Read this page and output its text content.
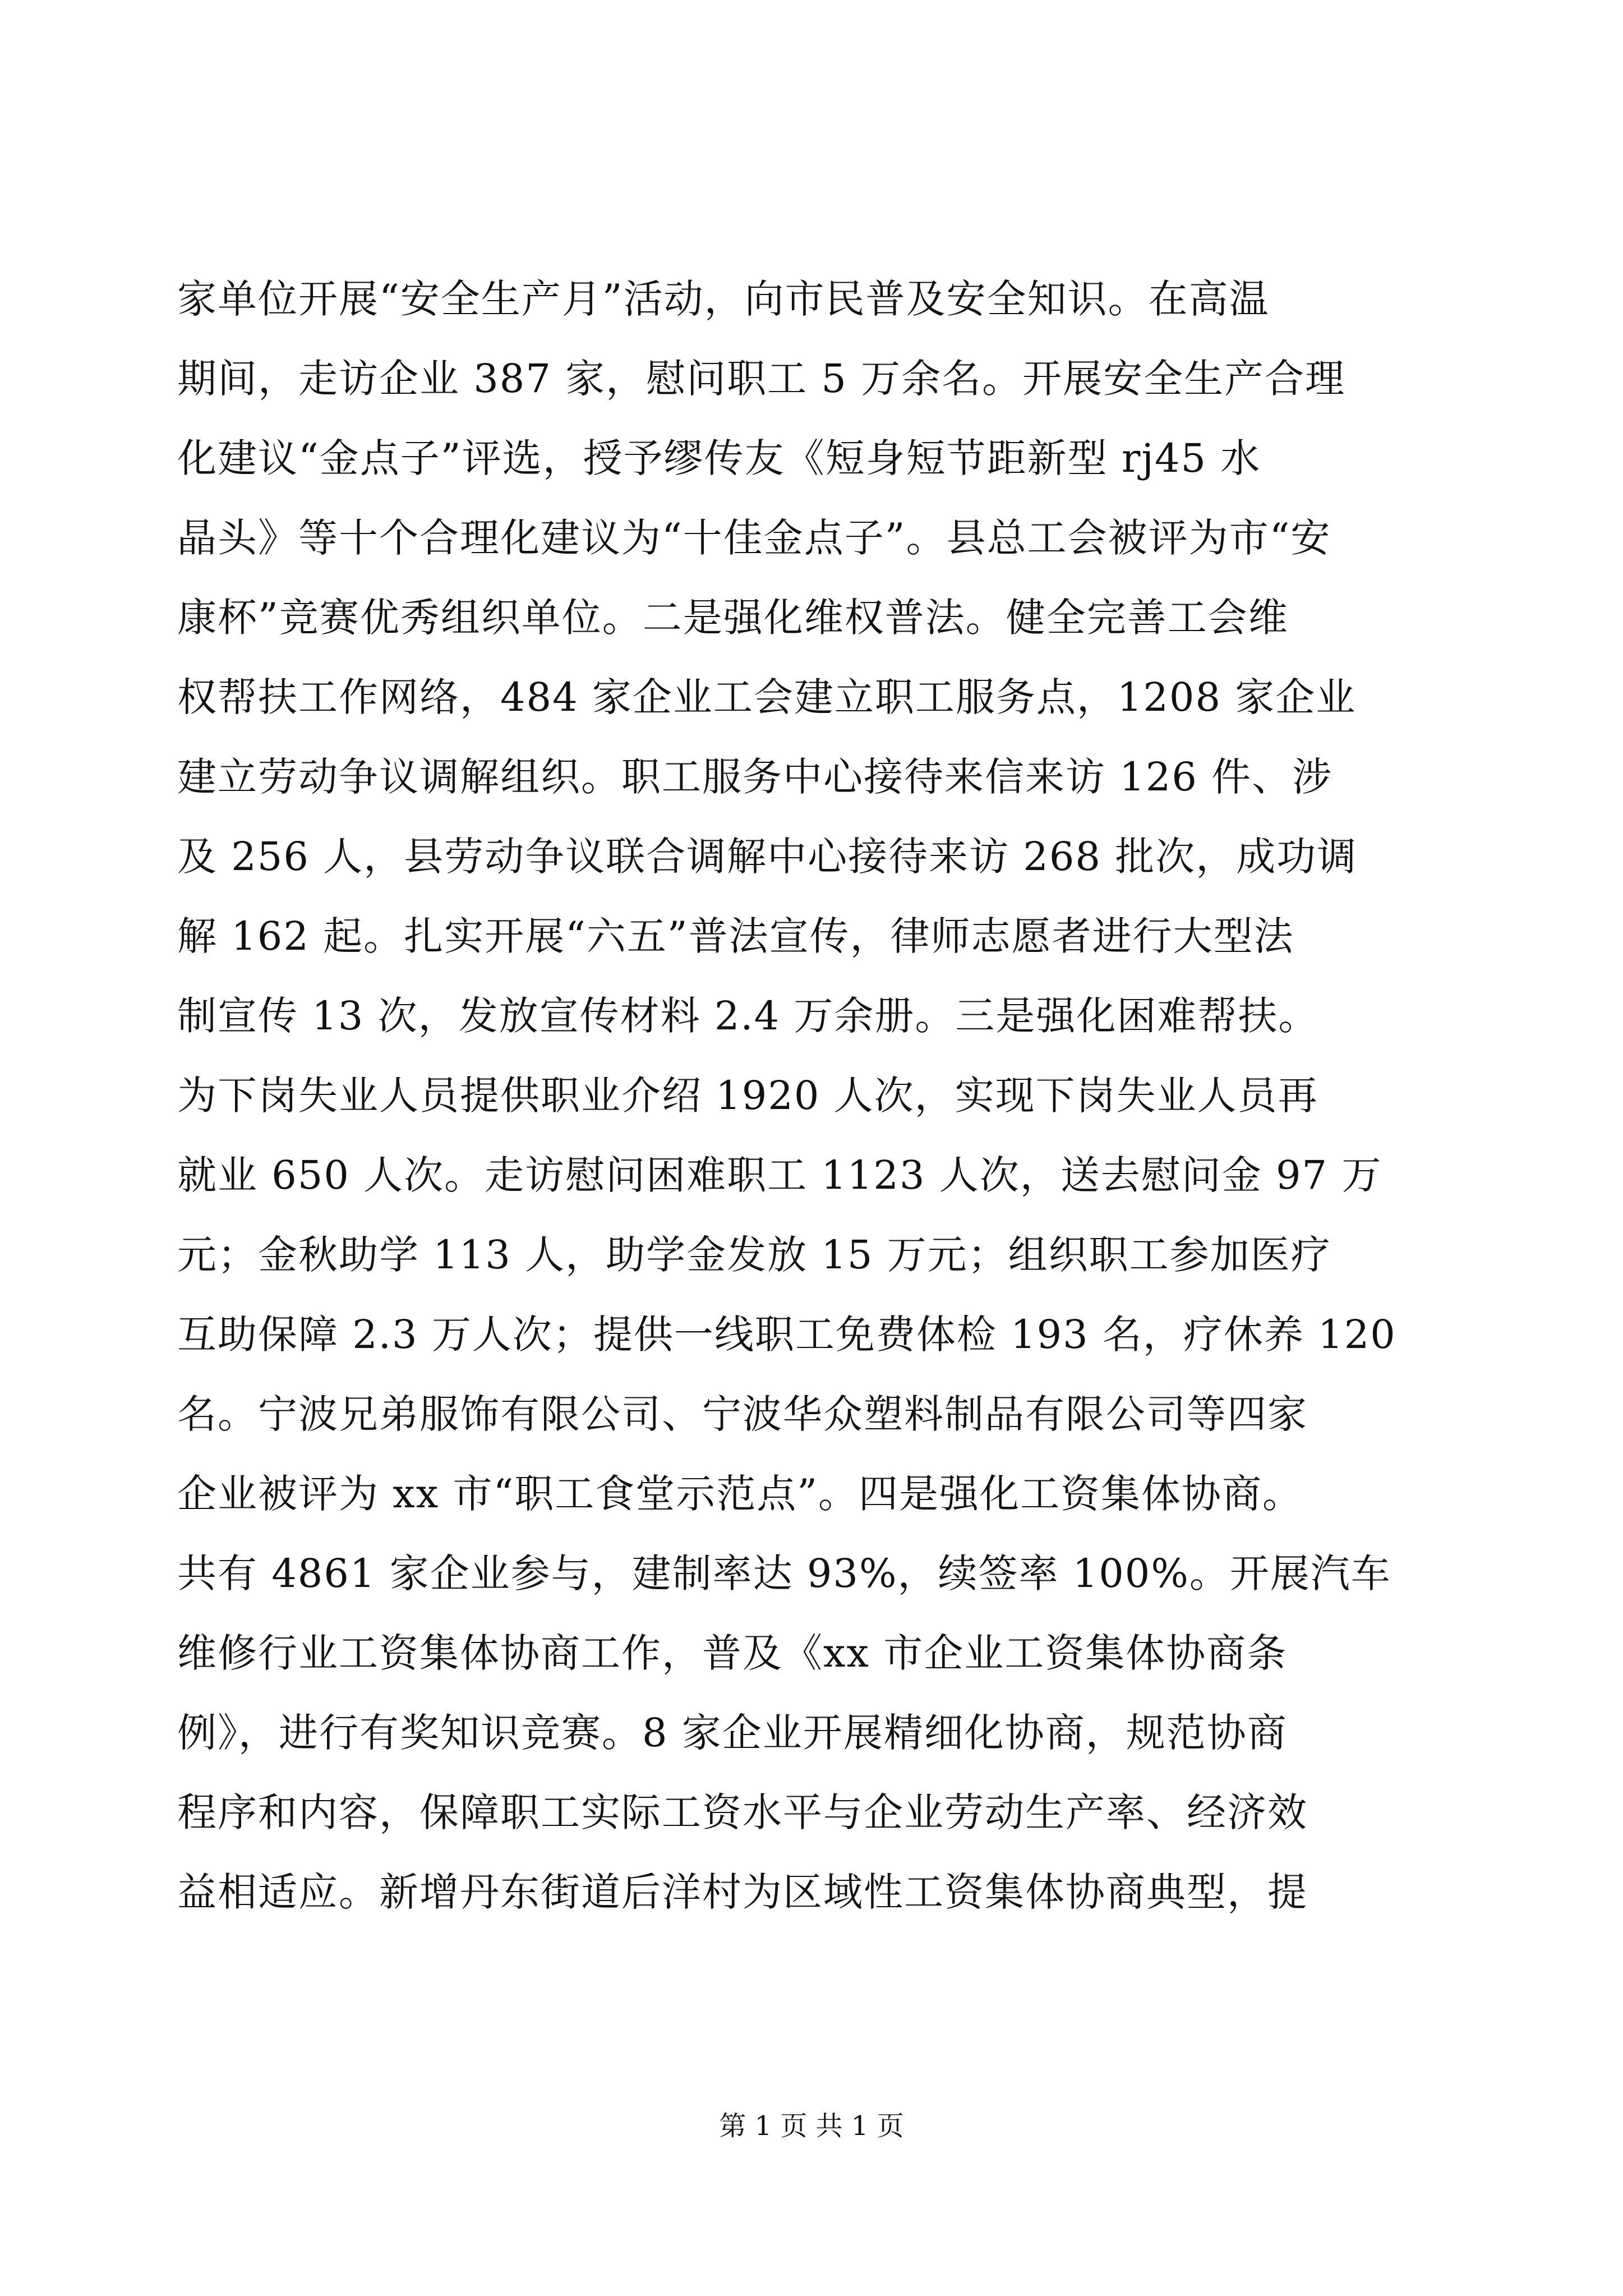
家单位开展“安全生产月”活动，向市民普及安全知识。在高温
期间，走访企业 387 家，慰问职工 5 万余名。开展安全生产合理
化建议“金点子”评选，授予缪传友《短身短节距新型 rj45 水
晶头》等十个合理化建议为“十佳金点子”。县总工会被评为市“安
康杯”竞赛优秀组织单位。二是强化维权普法。健全完善工会维
权帮扶工作网络，484 家企业工会建立职工服务点，1208 家企业
建立劳动争议调解组织。职工服务中心接待来信来访 126 件、涉
及 256 人，县劳动争议联合调解中心接待来访 268 批次，成功调
解 162 起。扎实开展“六五”普法宣传，律师志愿者进行大型法
制宣传 13 次，发放宣传材料 2.4 万余册。三是强化困难帮扶。
为下岗失业人员提供职业介绍 1920 人次，实现下岗失业人员再
就业 650 人次。走访慰问困难职工 1123 人次，送去慰问金 97 万
元；金秋助学 113 人，助学金发放 15 万元；组织职工参加医疗
互助保障 2.3 万人次；提供一线职工免费体检 193 名，疗休养 120
名。宁波兄弟服饰有限公司、宁波华众塑料制品有限公司等四家
企业被评为 xx 市“职工食堂示范点”。四是强化工资集体协商。
共有 4861 家企业参与，建制率达 93%，续签率 100%。开展汽车
维修行业工资集体协商工作，普及《xx 市企业工资集体协商条
例》，进行有奖知识竞赛。8 家企业开展精细化协商，规范协商
程序和内容，保障职工实际工资水平与企业劳动生产率、经济效
益相适应。新增丹东街道后洋村为区域性工资集体协商典型，提
第 1 页 共 1 页
